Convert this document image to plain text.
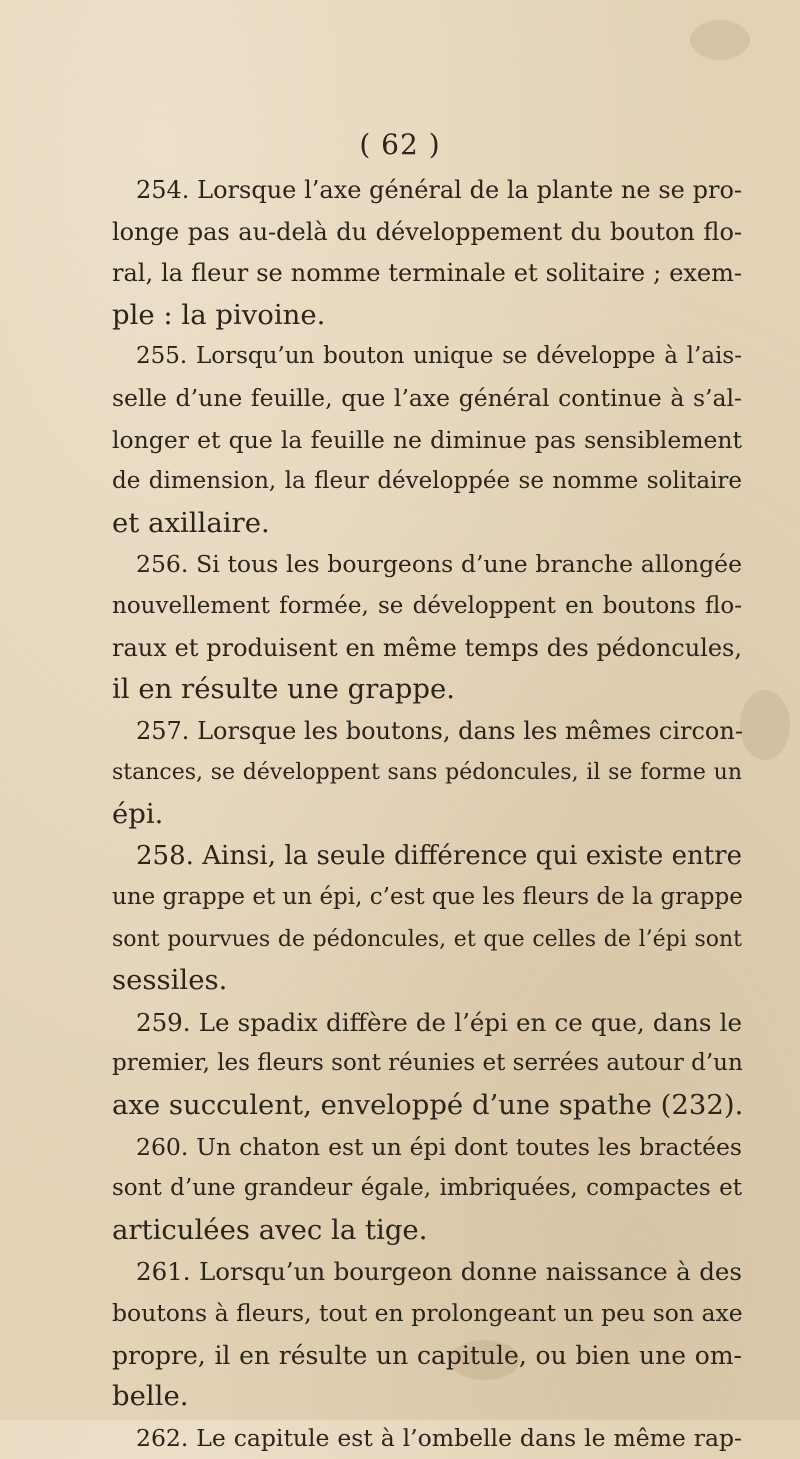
( 62 )
254. Lorsque l’axe général de la plante ne se pro-
longe pas au-delà du développement du bouton flo-
ral, la fleur se nomme terminale et solitaire ; exem-
ple : la pivoine.
255. Lorsqu’un bouton unique se développe à l’ais-
selle d’une feuille, que l’axe général continue à s’al-
longer et que la feuille ne diminue pas sensiblement
de dimension, la fleur développée se nomme solitaire
et axillaire.
256. Si tous les bourgeons d’une branche allongée
nouvellement formée, se développent en boutons flo-
raux et produisent en même temps des pédoncules,
il en résulte une grappe.
257. Lorsque les boutons, dans les mêmes circon-
stances, se développent sans pédoncules, il se forme un
épi.
258. Ainsi, la seule différence qui existe entre
une grappe et un épi, c’est que les fleurs de la grappe
sont pourvues de pédoncules, et que celles de l’épi sont
sessiles.
259. Le spadix diffère de l’épi en ce que, dans le
premier, les fleurs sont réunies et serrées autour d’un
axe succulent, enveloppé d’une spathe (232).
260. Un chaton est un épi dont toutes les bractées
sont d’une grandeur égale, imbriquées, compactes et
articulées avec la tige.
261. Lorsqu’un bourgeon donne naissance à des
boutons à fleurs, tout en prolongeant un peu son axe
propre, il en résulte un capitule, ou bien une om-
belle.
262. Le capitule est à l’ombelle dans le même rap-
